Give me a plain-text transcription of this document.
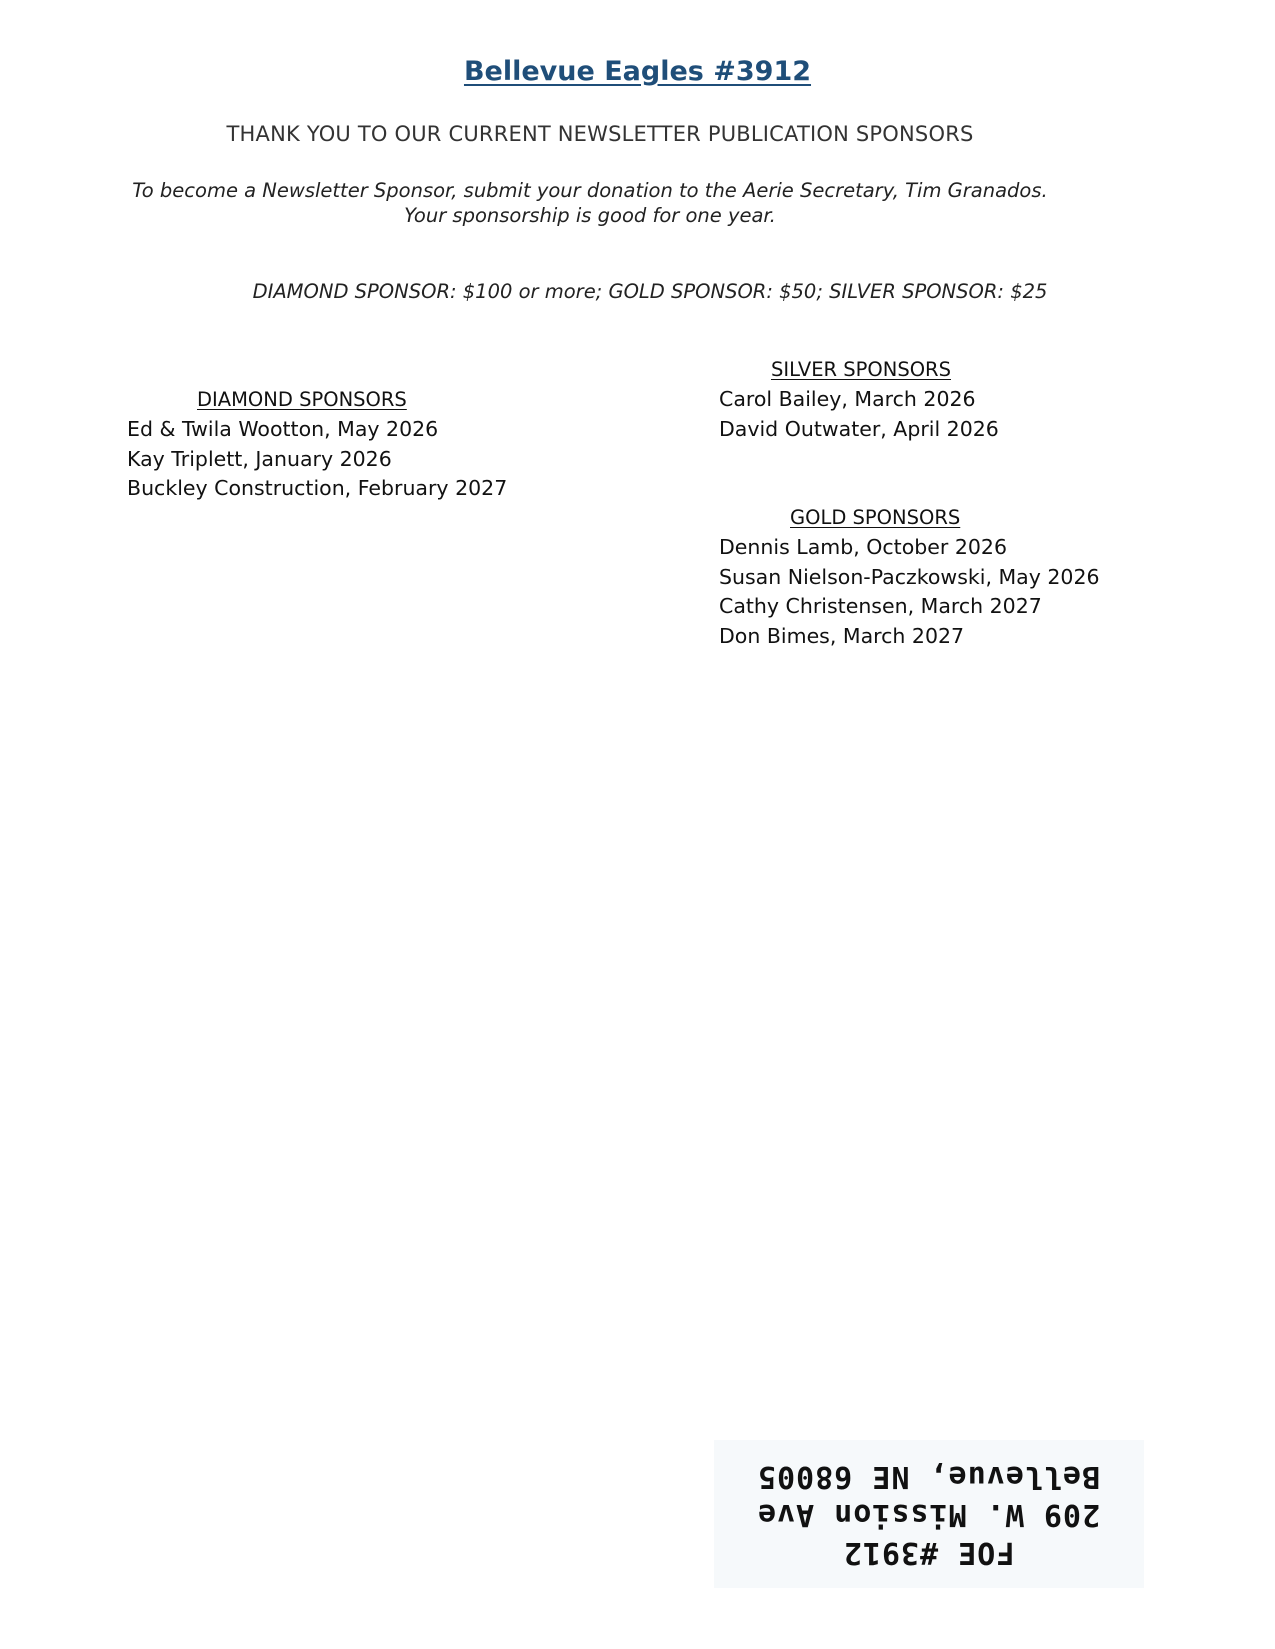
Bellevue Eagles #3912
THANK YOU TO OUR CURRENT NEWSLETTER PUBLICATION SPONSORS
To become a Newsletter Sponsor, submit your donation to the Aerie Secretary, Tim Granados.
Your sponsorship is good for one year.
DIAMOND SPONSOR: $100 or more; GOLD SPONSOR: $50; SILVER SPONSOR: $25
DIAMOND SPONSORS
Ed & Twila Wootton, May 2026
Kay Triplett, January 2026
Buckley Construction, February 2027
SILVER SPONSORS
Carol Bailey, March 2026
David Outwater, April 2026
GOLD SPONSORS
Dennis Lamb, October 2026
Susan Nielson-Paczkowski, May 2026
Cathy Christensen, March 2027
Don Bimes, March 2027
FOE #3912
209 W. Mission Ave
Bellevue, NE 68005
